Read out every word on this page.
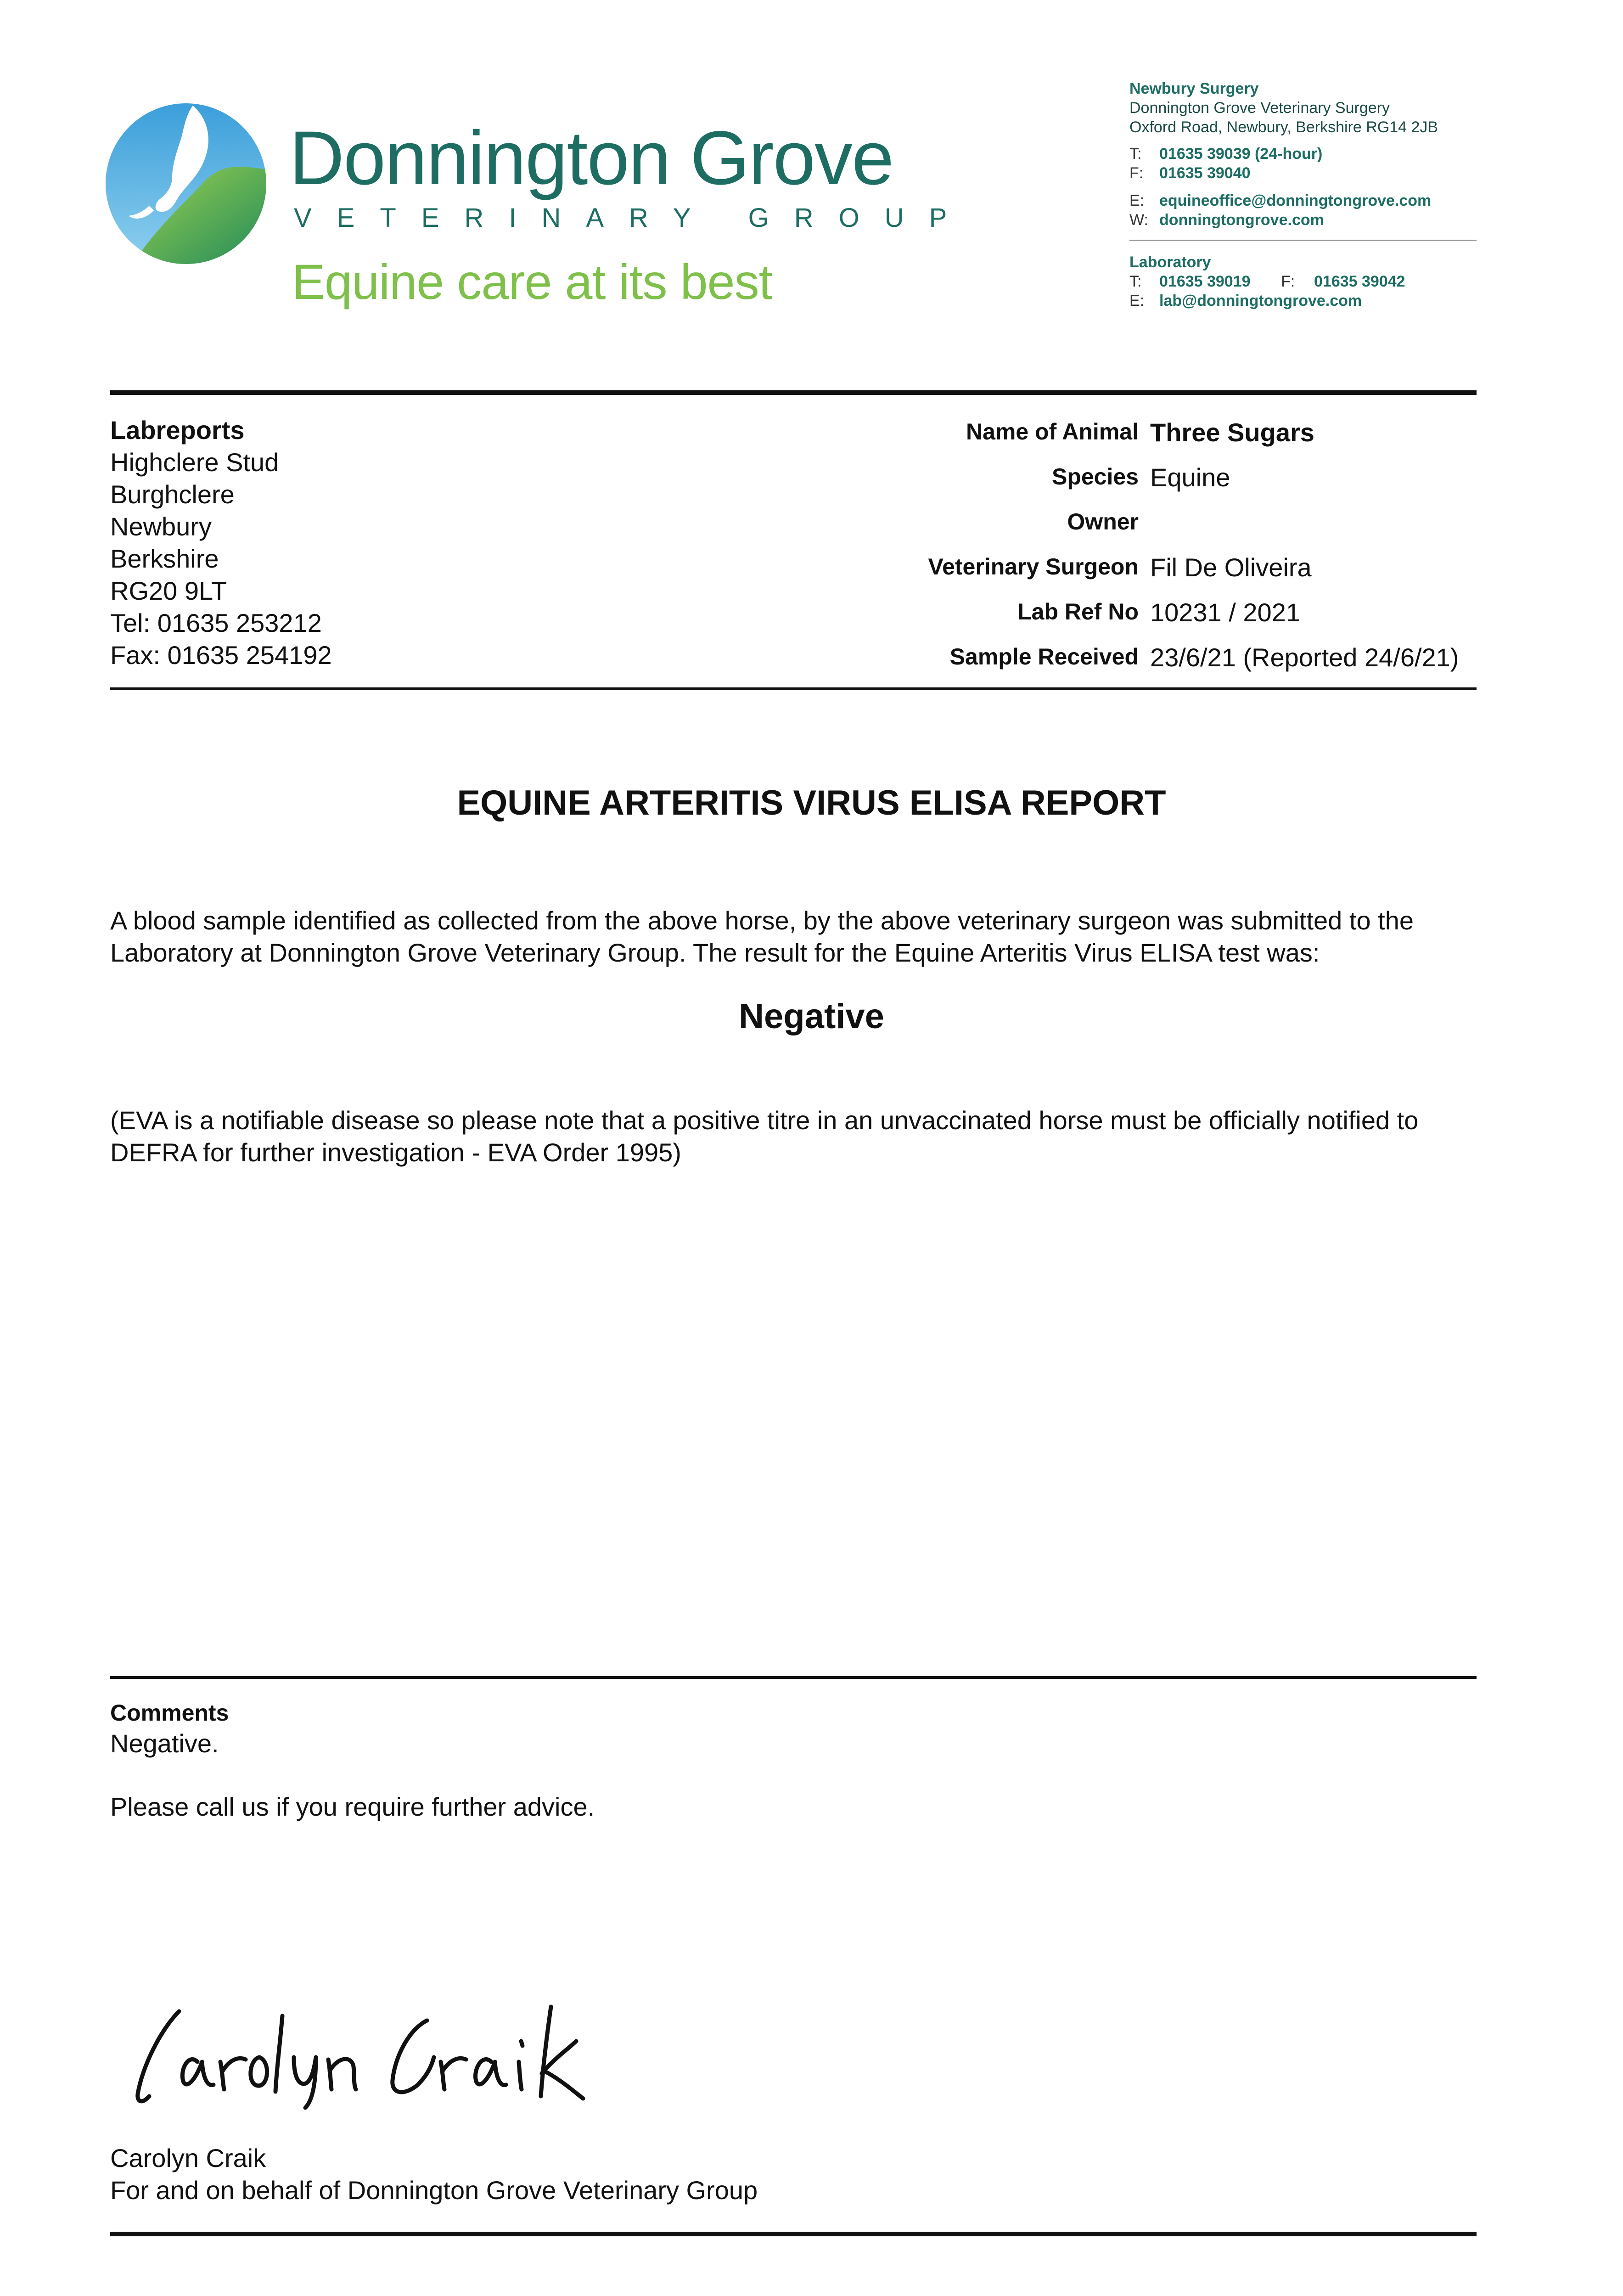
Donnington Grove
VETERINARY GROUP
Equine care at its best
Newbury Surgery
Donnington Grove Veterinary Surgery
Oxford Road, Newbury, Berkshire RG14 2JB
T: 01635 39039 (24-hour)
F: 01635 39040
E: equineoffice@donningtongrove.com
W: donningtongrove.com
Laboratory
T: 01635 39019 F: 01635 39042
E: lab@donningtongrove.com
Labreports
Highclere Stud
Burghclere
Newbury
Berkshire
RG20 9LT
Tel: 01635 253212
Fax: 01635 254192
Name of Animal Three Sugars
Species Equine
Owner
Veterinary Surgeon Fil De Oliveira
Lab Ref No 10231 / 2021
Sample Received 23/6/21 (Reported 24/6/21)
EQUINE ARTERITIS VIRUS ELISA REPORT
A blood sample identified as collected from the above horse, by the above veterinary surgeon was submitted to the Laboratory at Donnington Grove Veterinary Group. The result for the Equine Arteritis Virus ELISA test was:
Negative
(EVA is a notifiable disease so please note that a positive titre in an unvaccinated horse must be officially notified to DEFRA for further investigation - EVA Order 1995)
Comments
Negative.
Please call us if you require further advice.
Carolyn Craik
For and on behalf of Donnington Grove Veterinary Group
